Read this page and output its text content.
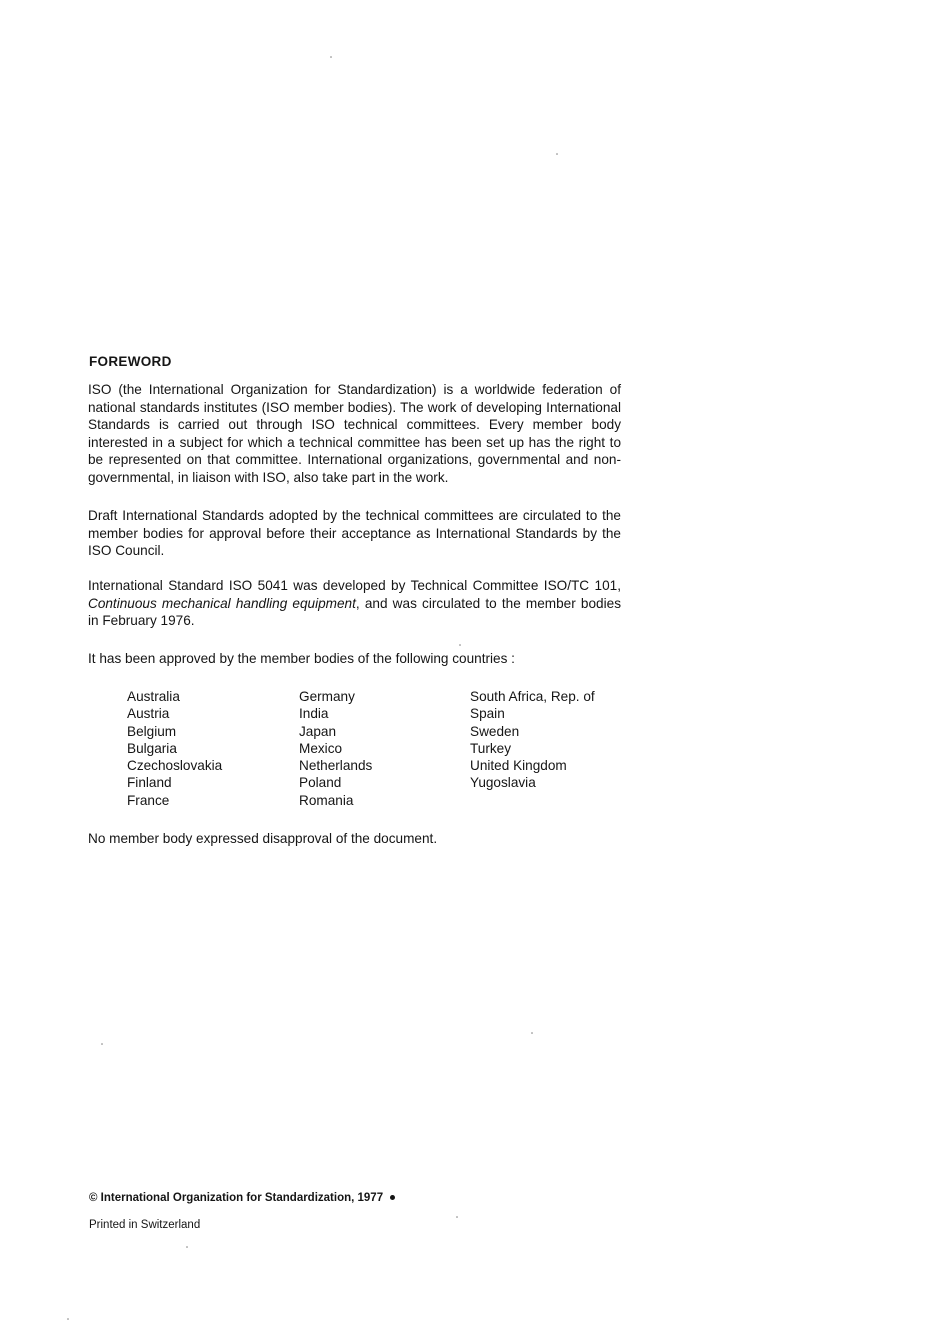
FOREWORD
ISO (the International Organization for Standardization) is a worldwide federation of national standards institutes (ISO member bodies). The work of developing International Standards is carried out through ISO technical committees. Every member body interested in a subject for which a technical committee has been set up has the right to be represented on that committee. International organizations, governmental and non-governmental, in liaison with ISO, also take part in the work.
Draft International Standards adopted by the technical committees are circulated to the member bodies for approval before their acceptance as International Standards by the ISO Council.
International Standard ISO 5041 was developed by Technical Committee ISO/TC 101, Continuous mechanical handling equipment, and was circulated to the member bodies in February 1976.
It has been approved by the member bodies of the following countries :
Australia
Austria
Belgium
Bulgaria
Czechoslovakia
Finland
France
Germany
India
Japan
Mexico
Netherlands
Poland
Romania
South Africa, Rep. of
Spain
Sweden
Turkey
United Kingdom
Yugoslavia
No member body expressed disapproval of the document.
© International Organization for Standardization, 1977
Printed in Switzerland
